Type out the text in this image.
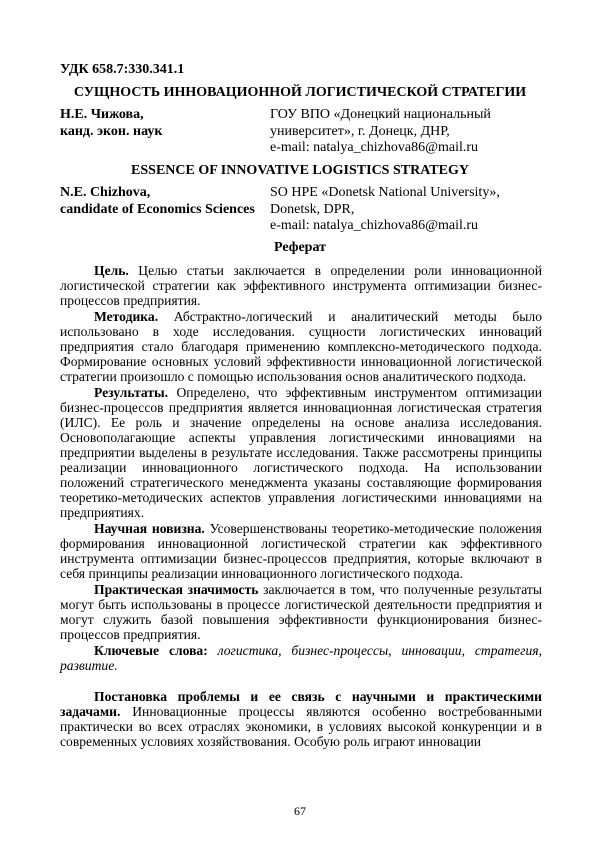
УДК 658.7:330.341.1
СУЩНОСТЬ ИННОВАЦИОННОЙ ЛОГИСТИЧЕСКОЙ СТРАТЕГИИ
Н.Е. Чижова,
канд. экон. наук
ГОУ ВПО «Донецкий национальный
университет», г. Донецк, ДНР,
e-mail: natalya_chizhova86@mail.ru
ESSENCE OF INNOVATIVE LOGISTICS STRATEGY
N.E. Chizhova,
candidate of Economics Sciences
SO HPE «Donetsk National University»,
Donetsk, DPR,
e-mail: natalya_chizhova86@mail.ru
Реферат

Цель. Целью статьи заключается в определении роли инновационной логистической стратегии как эффективного инструмента оптимизации бизнес-процессов предприятия.

Методика. Абстрактно-логический и аналитический методы было использовано в ходе исследования. сущности логистических инноваций предприятия стало благодаря применению комплексно-методического подхода. Формирование основных условий эффективности инновационной логистической стратегии произошло с помощью использования основ аналитического подхода.

Результаты. Определено, что эффективным инструментом оптимизации бизнес-процессов предприятия является инновационная логистическая стратегия (ИЛС). Ее роль и значение определены на основе анализа исследования. Основополагающие аспекты управления логистическими инновациями на предприятии выделены в результате исследования. Также рассмотрены принципы реализации инновационного логистического подхода. На использовании положений стратегического менеджмента указаны составляющие формирования теоретико-методических аспектов управления логистическими инновациями на предприятиях.

Научная новизна. Усовершенствованы теоретико-методические положения формирования инновационной логистической стратегии как эффективного инструмента оптимизации бизнес-процессов предприятия, которые включают в себя принципы реализации инновационного логистического подхода.

Практическая значимость заключается в том, что полученные результаты могут быть использованы в процессе логистической деятельности предприятия и могут служить базой повышения эффективности функционирования бизнес-процессов предприятия.

Ключевые слова: логистика, бизнес-процессы, инновации, стратегия, развитие.

Постановка проблемы и ее связь с научными и практическими задачами. Инновационные процессы являются особенно востребованными практически во всех отраслях экономики, в условиях высокой конкуренции и в современных условиях хозяйствования. Особую роль играют инновации

67
